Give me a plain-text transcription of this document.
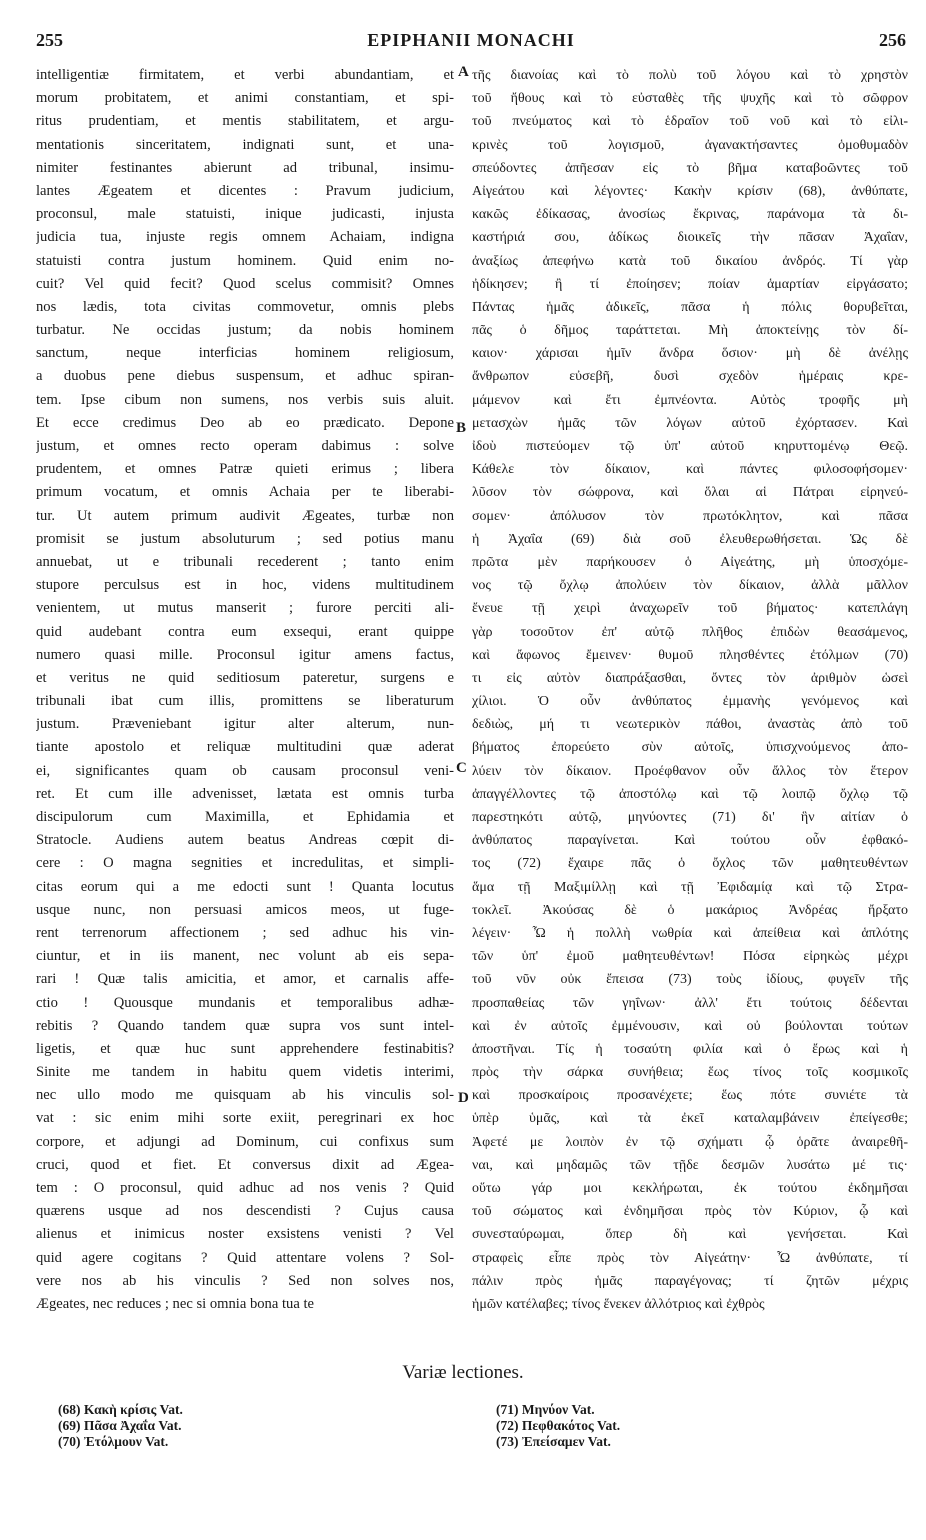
255	EPIPHANII MONACHI	256
intelligentiæ firmitatem, et verbi abundantiam, et
morum probitatem, et animi constantiam, et spi-
ritus prudentiam, et mentis stabilitatem, et argu-
mentationis sinceritatem, indignati sunt, et una-
nimiter festinantes abierunt ad tribunal, insimu-
lantes Ægeatem et dicentes : Pravum judicium,
proconsul, male statuisti, inique judicasti, injusta
judicia tua, injuste regis omnem Achaiam, indigna
statuisti contra justum hominem. Quid enim no-
cuit? Vel quid fecit? Quod scelus commisit? Omnes
nos lædis, tota civitas commovetur, omnis plebs
turbatur. Ne occidas justum; da nobis hominem
sanctum, neque interficias hominem religiosum,
a duobus pene diebus suspensum, et adhuc spiran-
tem. Ipse cibum non sumens, nos verbis suis aluit.
Et ecce credimus Deo ab eo prædicato. Depone
justum, et omnes recto operam dabimus : solve
prudentem, et omnes Patræ quieti erimus ; libera
primum vocatum, et omnis Achaia per te liberabi-
tur. Ut autem primum audivit Ægeates, turbæ non
promisit se justum absoluturum ; sed potius manu
annuebat, ut e tribunali recederent ; tanto enim
stupore perculsus est in hoc, videns multitudinem
venientem, ut mutus manserit ; furore perciti ali-
quid audebant contra eum exsequi, erant quippe
numero quasi mille. Proconsul igitur amens factus,
et veritus ne quid seditiosum pateretur, surgens e
tribunali ibat cum illis, promittens se liberaturum
justum. Præveniebant igitur alter alterum, nun-
tiante apostolo et reliquæ multitudini quæ aderat
ei, significantes quam ob causam proconsul veni-
ret. Et cum ille advenisset, lætata est omnis turba
discipulorum cum Maximilla, et Ephidamia et
Stratocle. Audiens autem beatus Andreas cœpit di-
cere : O magna segnities et incredulitas, et simpli-
citas eorum qui a me edocti sunt ! Quanta locutus
usque nunc, non persuasi amicos meos, ut fuge-
rent terrenorum affectionem ; sed adhuc his vin-
ciuntur, et in iis manent, nec volunt ab eis sepa-
rari ! Quæ talis amicitia, et amor, et carnalis affe-
ctio ! Quousque mundanis et temporalibus adhæ-
rebitis ? Quando tandem quæ supra vos sunt intel-
ligetis, et quæ huc sunt apprehendere festinabitis?
Sinite me tandem in habitu quem videtis interimi,
nec ullo modo me quisquam ab his vinculis sol-
vat : sic enim mihi sorte exiit, peregrinari ex hoc
corpore, et adjungi ad Dominum, cui confixus sum
cruci, quod et fiet. Et conversus dixit ad Ægea-
tem : O proconsul, quid adhuc ad nos venis ? Quid
quærens usque ad nos descendisti ? Cujus causa
alienus et inimicus noster exsistens venisti ? Vel
quid agere cogitans ? Quid attentare volens ? Sol-
vere nos ab his vinculis ? Sed non solves nos,
Ægeates, nec reduces ; nec si omnia bona tua te
τῆς διανοίας καὶ τὸ πολὺ τοῦ λόγου καὶ τὸ χρηστὸν
τοῦ ἤθους καὶ τὸ εὐσταθὲς τῆς ψυχῆς καὶ τὸ σῶφρον
τοῦ πνεύματος καὶ τὸ ἑδραῖον τοῦ νοῦ καὶ τὸ εἰλι-
κρινὲς τοῦ λογισμοῦ, ἀγανακτήσαντες ὁμοθυμαδὸν
σπεύδοντες ἀπῆεσαν εἰς τὸ βῆμα καταβοῶντες τοῦ
Αἰγεάτου καὶ λέγοντες· Κακὴν κρίσιν (68), ἀνθύπατε,
κακῶς ἐδίκασας, ἀνοσίως ἔκρινας, παράνομα τὰ δι-
καστήριά σου, ἀδίκως διοικεῖς τὴν πᾶσαν Ἀχαΐαν,
ἀναξίως ἀπεφήνω κατὰ τοῦ δικαίου ἀνδρός. Τί γὰρ
ἠδίκησεν; ἢ τί ἐποίησεν; ποίαν ἁμαρτίαν εἰργάσατο;
Πάντας ἡμᾶς ἀδικεῖς, πᾶσα ἡ πόλις θορυβεῖται,
πᾶς ὁ δῆμος ταράττεται. Μὴ ἀποκτείνῃς τὸν δί-
καιον· χάρισαι ἡμῖν ἄνδρα ὅσιον· μὴ δὲ ἀνέλῃς
ἄνθρωπον εὐσεβῆ, δυσὶ σχεδὸν ἡμέραις κρε-
μάμενον καὶ ἔτι ἐμπνέοντα. Αὐτὸς τροφῆς μὴ
μετασχὼν ἡμᾶς τῶν λόγων αὐτοῦ ἐχόρτασεν. Καὶ
ἰδοὺ πιστεύομεν τῷ ὑπ' αὐτοῦ κηρυττομένῳ Θεῷ.
Κάθελε τὸν δίκαιον, καὶ πάντες φιλοσοφήσομεν·
λῦσον τὸν σώφρονα, καὶ ὅλαι αἱ Πάτραι εἰρηνεύ-
σομεν· ἀπόλυσον τὸν πρωτόκλητον, καὶ πᾶσα
ἡ Ἀχαΐα (69) διὰ σοῦ ἐλευθερωθήσεται. Ὡς δὲ
πρῶτα μὲν παρήκουσεν ὁ Αἰγεάτης, μὴ ὑποσχόμε-
νος τῷ ὄχλῳ ἀπολύειν τὸν δίκαιον, ἀλλὰ μᾶλλον
ἔνευε τῇ χειρὶ ἀναχωρεῖν τοῦ βήματος· κατεπλάγη
γὰρ τοσοῦτον ἐπ' αὐτῷ πλῆθος ἐπιδὼν θεασάμενος,
καὶ ἄφωνος ἔμεινεν· θυμοῦ πλησθέντες ἐτόλμων (70)
τι εἰς αὐτὸν διαπράξασθαι, ὄντες τὸν ἀριθμὸν ὡσεὶ
χίλιοι. Ὁ οὖν ἀνθύπατος ἐμμανὴς γενόμενος καὶ
δεδιὼς, μή τι νεωτερικὸν πάθοι, ἀναστὰς ἀπὸ τοῦ
βήματος ἐπορεύετο σὺν αὐτοῖς, ὑπισχνούμενος ἀπο-
λύειν τὸν δίκαιον. Προέφθανον οὖν ἄλλος τὸν ἕτερον
ἀπαγγέλλοντες τῷ ἀποστόλῳ καὶ τῷ λοιπῷ ὄχλῳ τῷ
παρεστηκότι αὐτῷ, μηνύοντες (71) δι' ἣν αἰτίαν ὁ
ἀνθύπατος παραγίνεται. Καὶ τούτου οὖν ἐφθακό-
τος (72) ἔχαιρε πᾶς ὁ ὄχλος τῶν μαθητευθέντων
ἅμα τῇ Μαξιμίλλῃ καὶ τῇ Ἐφιδαμίᾳ καὶ τῷ Στρα-
τοκλεῖ. Ἀκούσας δὲ ὁ μακάριος Ἀνδρέας ἤρξατο
λέγειν· Ὦ ἡ πολλὴ νωθρία καὶ ἀπείθεια καὶ ἁπλότης
τῶν ὑπ' ἐμοῦ μαθητευθέντων! Πόσα εἰρηκὼς μέχρι
τοῦ νῦν οὐκ ἔπεισα (73) τοὺς ἰδίους, φυγεῖν τῆς
προσπαθείας τῶν γηΐνων· ἀλλ' ἔτι τούτοις δέδενται
καὶ ἐν αὐτοῖς ἐμμένουσιν, καὶ οὐ βούλονται τούτων
ἀποστῆναι. Τίς ἡ τοσαύτη φιλία καὶ ὁ ἔρως καὶ ἡ
πρὸς τὴν σάρκα συνήθεια; ἕως τίνος τοῖς κοσμικοῖς
καὶ προσκαίροις προσανέχετε; ἕως πότε συνιέτε τὰ
ὑπὲρ ὑμᾶς, καὶ τὰ ἐκεῖ καταλαμβάνειν ἐπείγεσθε;
Ἀφετέ με λοιπὸν ἐν τῷ σχήματι ᾧ ὁρᾶτε ἀναιρεθῆ-
ναι, καὶ μηδαμῶς τῶν τῇδε δεσμῶν λυσάτω μέ τις·
οὕτω γάρ μοι κεκλήρωται, ἐκ τούτου ἐκδημῆσαι
τοῦ σώματος καὶ ἐνδημῆσαι πρὸς τὸν Κύριον, ᾧ καὶ
συνεσταύρωμαι, ὅπερ δὴ καὶ γενήσεται. Καὶ
στραφεὶς εἶπε πρὸς τὸν Αἰγεάτην· Ὦ ἀνθύπατε, τί
πάλιν πρὸς ἡμᾶς παραγέγονας; τί ζητῶν μέχρις
ἡμῶν κατέλαβες; τίνος ἕνεκεν ἀλλότριος καὶ ἐχθρὸς
A
B
C
D
Variæ lectiones.
(68) Κακὴ κρίσις Vat.
(69) Πᾶσα Ἀχαΐα Vat.
(70) Ἐτόλμουν Vat.
(71) Μηνύον Vat.
(72) Πεφθακότος Vat.
(73) Ἐπείσαμεν Vat.
